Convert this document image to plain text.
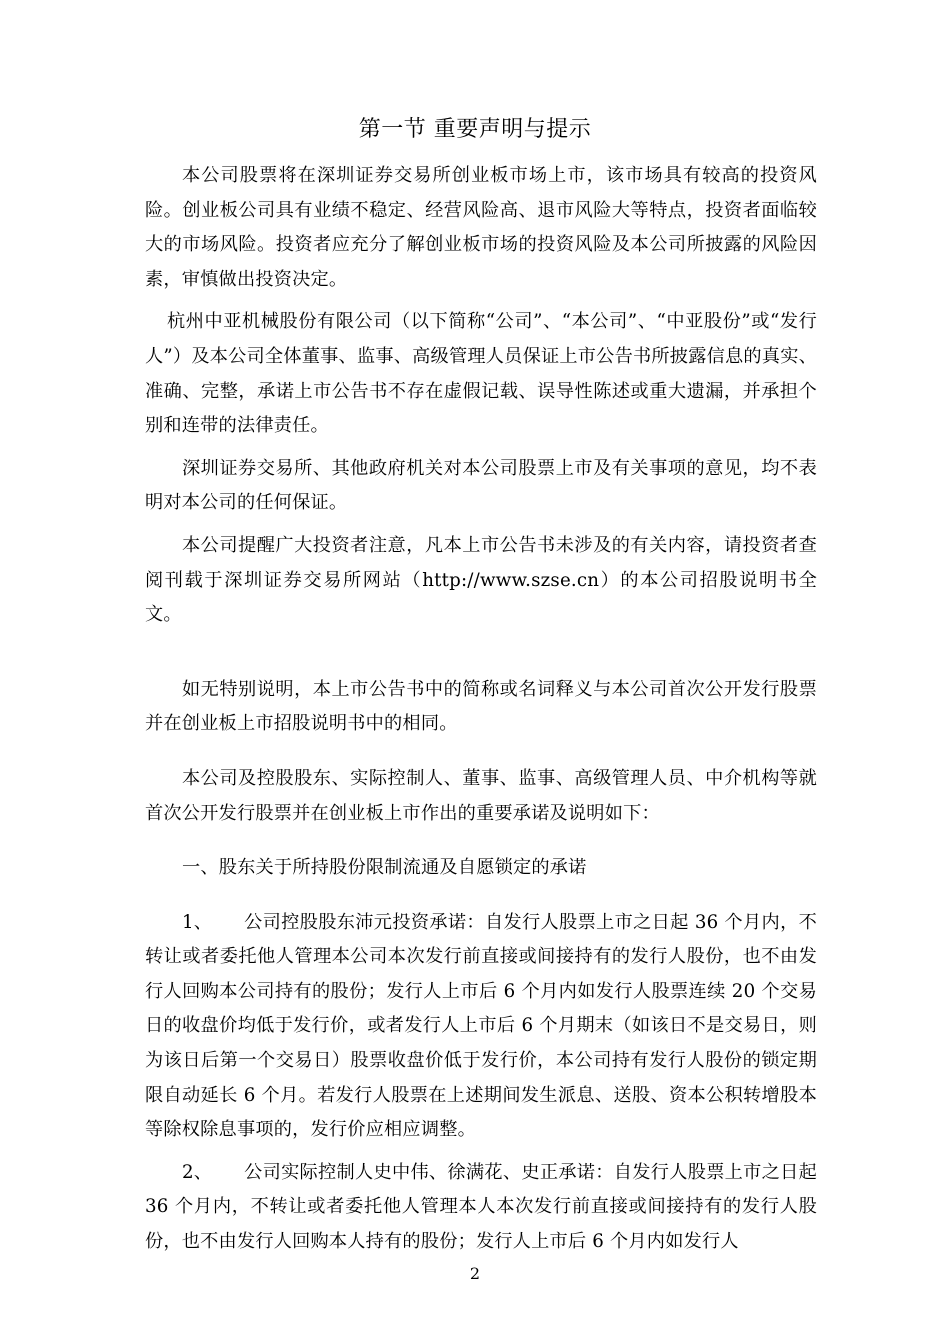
第一节 重要声明与提示

本公司股票将在深圳证券交易所创业板市场上市，该市场具有较高的投资风险。创业板公司具有业绩不稳定、经营风险高、退市风险大等特点，投资者面临较大的市场风险。投资者应充分了解创业板市场的投资风险及本公司所披露的风险因素，审慎做出投资决定。

杭州中亚机械股份有限公司（以下简称“公司”、“本公司”、“中亚股份”或“发行人”）及本公司全体董事、监事、高级管理人员保证上市公告书所披露信息的真实、准确、完整，承诺上市公告书不存在虚假记载、误导性陈述或重大遗漏，并承担个别和连带的法律责任。

深圳证券交易所、其他政府机关对本公司股票上市及有关事项的意见，均不表明对本公司的任何保证。

本公司提醒广大投资者注意，凡本上市公告书未涉及的有关内容，请投资者查阅刊载于深圳证券交易所网站（http://www.szse.cn）的本公司招股说明书全文。

如无特别说明，本上市公告书中的简称或名词释义与本公司首次公开发行股票并在创业板上市招股说明书中的相同。

本公司及控股股东、实际控制人、董事、监事、高级管理人员、中介机构等就首次公开发行股票并在创业板上市作出的重要承诺及说明如下：

一、股东关于所持股份限制流通及自愿锁定的承诺

1、 公司控股股东沛元投资承诺：自发行人股票上市之日起 36 个月内，不转让或者委托他人管理本公司本次发行前直接或间接持有的发行人股份，也不由发行人回购本公司持有的股份；发行人上市后 6 个月内如发行人股票连续 20 个交易日的收盘价均低于发行价，或者发行人上市后 6 个月期末（如该日不是交易日，则为该日后第一个交易日）股票收盘价低于发行价，本公司持有发行人股份的锁定期限自动延长 6 个月。若发行人股票在上述期间发生派息、送股、资本公积转增股本等除权除息事项的，发行价应相应调整。

2、 公司实际控制人史中伟、徐满花、史正承诺：自发行人股票上市之日起 36 个月内，不转让或者委托他人管理本人本次发行前直接或间接持有的发行人股份，也不由发行人回购本人持有的股份；发行人上市后 6 个月内如发行人

2
